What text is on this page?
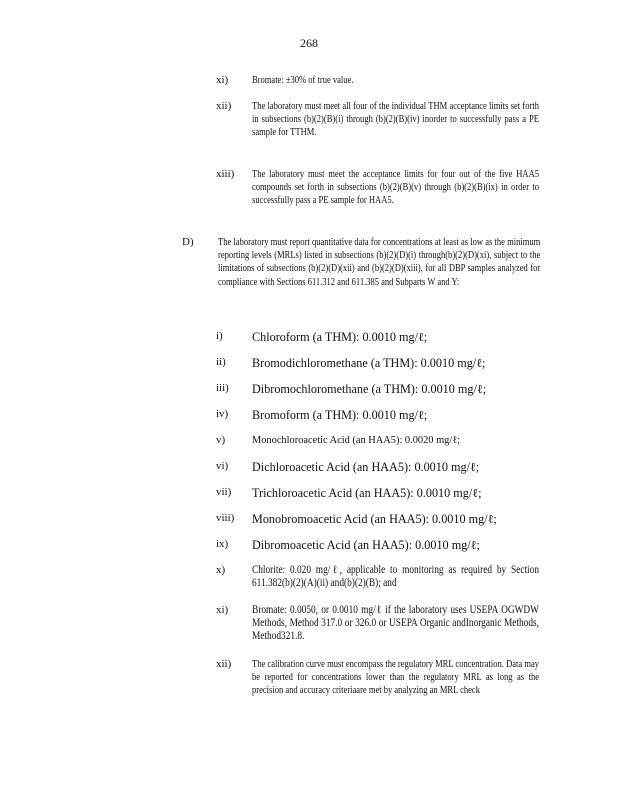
268
xi)	Bromate: ±30% of true value.
xii)	The laboratory must meet all four of the individual THM acceptance limits set forth in subsections (b)(2)(B)(i) through (b)(2)(B)(iv) inorder to successfully pass a PE sample for TTHM.
xiii)	The laboratory must meet the acceptance limits for four out of the five HAA5 compounds set forth in subsections (b)(2)(B)(v) through (b)(2)(B)(ix) in order to successfully pass a PE sample for HAA5.
D)	The laboratory must report quantitative data for concentrations at least as low as the minimum reporting levels (MRLs) listed in subsections (b)(2)(D)(i) through(b)(2)(D)(xi), subject to the limitations of subsections (b)(2)(D)(xii) and (b)(2)(D)(xiii), for all DBP samples analyzed for compliance with Sections 611.312 and 611.385 and Subparts W and Y:
i)	Chloroform (a THM): 0.0010 mg/ℓ;
ii)	Bromodichloromethane (a THM): 0.0010 mg/ℓ;
iii)	Dibromochloromethane (a THM): 0.0010 mg/ℓ;
iv)	Bromoform (a THM): 0.0010 mg/ℓ;
v)	Monochloroacetic Acid (an HAA5): 0.0020 mg/ℓ;
vi)	Dichloroacetic Acid (an HAA5): 0.0010 mg/ℓ;
vii)	Trichloroacetic Acid (an HAA5): 0.0010 mg/ℓ;
viii)	Monobromoacetic Acid (an HAA5): 0.0010 mg/ℓ;
ix)	Dibromoacetic Acid (an HAA5): 0.0010 mg/ℓ;
x)	Chlorite: 0.020 mg/ℓ, applicable to monitoring as required by Section 611.382(b)(2)(A)(ii) and(b)(2)(B); and
xi)	Bromate: 0.0050, or 0.0010 mg/ℓ if the laboratory uses USEPA OGWDW Methods, Method 317.0 or 326.0 or USEPA Organic andInorganic Methods, Method321.8.
xii)	The calibration curve must encompass the regulatory MRL concentration. Data may be reported for concentrations lower than the regulatory MRL as long as the precision and accuracy criteriaare met by analyzing an MRL check
